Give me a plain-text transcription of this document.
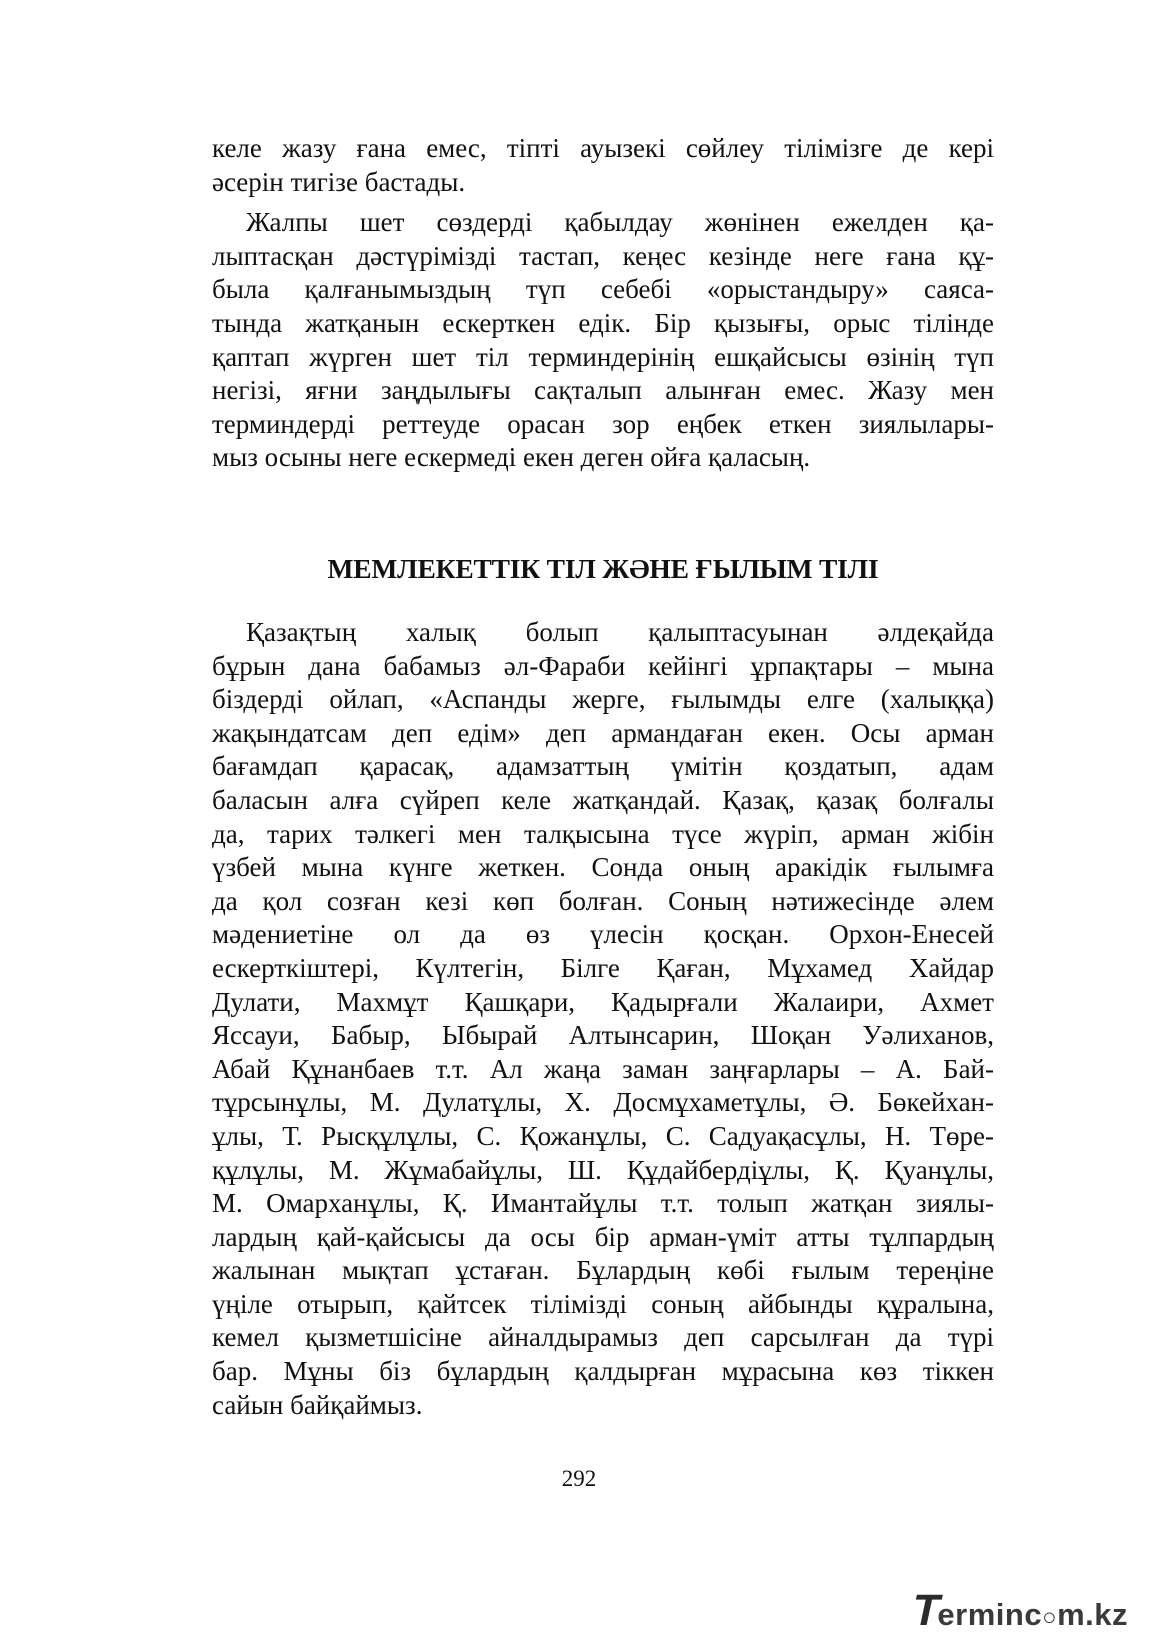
келе жазу ғана емес, тіпті ауызекі сөйлеу тілімізге де кері
әсерін тигізе бастады.
Жалпы шет сөздерді қабылдау жөнінен ежелден қа-
лыптасқан дәстүрімізді тастап, кеңес кезінде неге ғана құ-
была қалғанымыздың түп себебі «орыстандыру» саяса-
тында жатқанын ескерткен едік. Бір қызығы, орыс тілінде
қаптап жүрген шет тіл терминдерінің ешқайсысы өзінің түп
негізі, яғни заңдылығы сақталып алынған емес. Жазу мен
терминдерді реттеуде орасан зор еңбек еткен зиялылары-
мыз осыны неге ескермеді екен деген ойға қаласың.
МЕМЛЕКЕТТІК ТІЛ ЖӘНЕ ҒЫЛЫМ ТІЛІ
Қазақтың халық болып қалыптасуынан әлдеқайда
бұрын дана бабамыз әл-Фараби кейінгі ұрпақтары – мына
біздерді ойлап, «Аспанды жерге, ғылымды елге (халыққа)
жақындатсам деп едім» деп армандаған екен. Осы арман
бағамдап қарасақ, адамзаттың үмітін қоздатып, адам
баласын алға сүйреп келе жатқандай. Қазақ, қазақ болғалы
да, тарих тәлкегі мен талқысына түсе жүріп, арман жібін
үзбей мына күнге жеткен. Сонда оның аракідік ғылымға
да қол созған кезі көп болған. Соның нәтижесінде әлем
мәдениетіне ол да өз үлесін қосқан. Орхон-Енесей
ескерткіштері, Күлтегін, Білге Қаған, Мұхамед Хайдар
Дулати, Махмұт Қашқари, Қадырғали Жалаири, Ахмет
Яссауи, Бабыр, Ыбырай Алтынсарин, Шоқан Уәлиханов,
Абай Құнанбаев т.т. Ал жаңа заман заңғарлары – А. Бай-
тұрсынұлы, М. Дулатұлы, Х. Досмұхаметұлы, Ә. Бөкейхан-
ұлы, Т. Рысқұлұлы, С. Қожанұлы, С. Садуақасұлы, Н. Төре-
құлұлы, М. Жұмабайұлы, Ш. Құдайбердіұлы, Қ. Қуанұлы,
М. Омарханұлы, Қ. Имантайұлы т.т. толып жатқан зиялы-
лардың қай-қайсысы да осы бір арман-үміт атты тұлпардың
жалынан мықтап ұстаған. Бұлардың көбі ғылым тереңіне
үңіле отырып, қайтсек тілімізді соның айбынды құралына,
кемел қызметшісіне айналдырамыз деп сарсылған да түрі
бар. Мұны біз бұлардың қалдырған мұрасына көз тіккен
сайын байқаймыз.
292
T
erminc ○ m.kz
